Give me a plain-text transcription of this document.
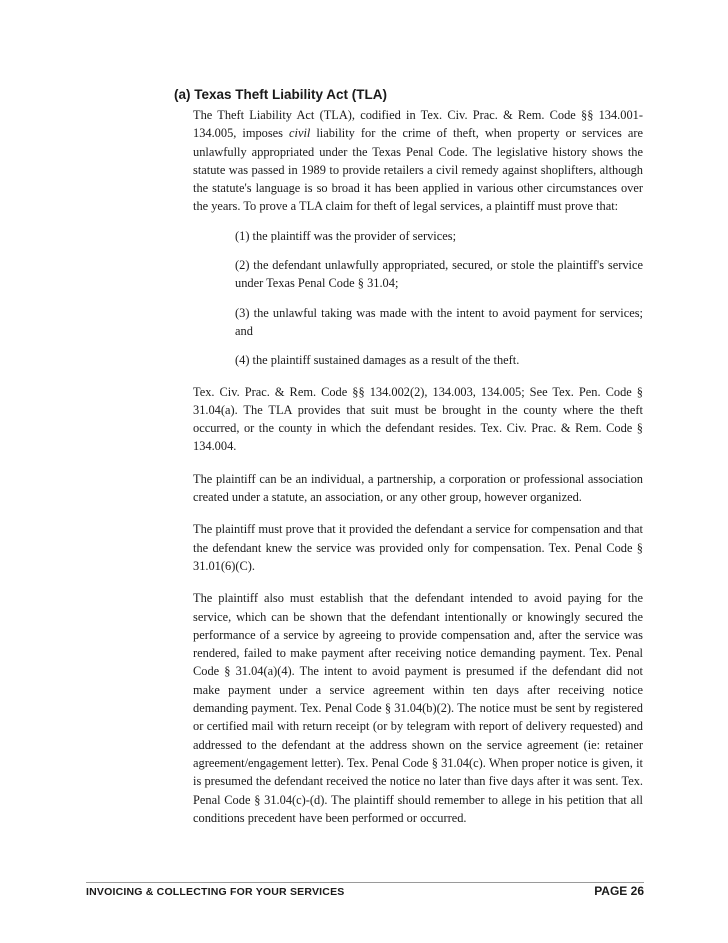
(a) Texas Theft Liability Act (TLA)

The Theft Liability Act (TLA), codified in Tex. Civ. Prac. & Rem. Code §§ 134.001-134.005, imposes civil liability for the crime of theft, when property or services are unlawfully appropriated under the Texas Penal Code. The legislative history shows the statute was passed in 1989 to provide retailers a civil remedy against shoplifters, although the statute's language is so broad it has been applied in various other circumstances over the years. To prove a TLA claim for theft of legal services, a plaintiff must prove that:

(1) the plaintiff was the provider of services;

(2) the defendant unlawfully appropriated, secured, or stole the plaintiff's service under Texas Penal Code § 31.04;

(3) the unlawful taking was made with the intent to avoid payment for services; and

(4) the plaintiff sustained damages as a result of the theft.

Tex. Civ. Prac. & Rem. Code §§ 134.002(2), 134.003, 134.005; See Tex. Pen. Code § 31.04(a). The TLA provides that suit must be brought in the county where the theft occurred, or the county in which the defendant resides. Tex. Civ. Prac. & Rem. Code § 134.004.

The plaintiff can be an individual, a partnership, a corporation or professional association created under a statute, an association, or any other group, however organized.

The plaintiff must prove that it provided the defendant a service for compensation and that the defendant knew the service was provided only for compensation. Tex. Penal Code § 31.01(6)(C).

The plaintiff also must establish that the defendant intended to avoid paying for the service, which can be shown that the defendant intentionally or knowingly secured the performance of a service by agreeing to provide compensation and, after the service was rendered, failed to make payment after receiving notice demanding payment. Tex. Penal Code § 31.04(a)(4). The intent to avoid payment is presumed if the defendant did not make payment under a service agreement within ten days after receiving notice demanding payment. Tex. Penal Code § 31.04(b)(2). The notice must be sent by registered or certified mail with return receipt (or by telegram with report of delivery requested) and addressed to the defendant at the address shown on the service agreement (ie: retainer agreement/engagement letter). Tex. Penal Code § 31.04(c). When proper notice is given, it is presumed the defendant received the notice no later than five days after it was sent. Tex. Penal Code § 31.04(c)-(d). The plaintiff should remember to allege in his petition that all conditions precedent have been performed or occurred.

INVOICING & COLLECTING FOR YOUR SERVICES	PAGE 26
